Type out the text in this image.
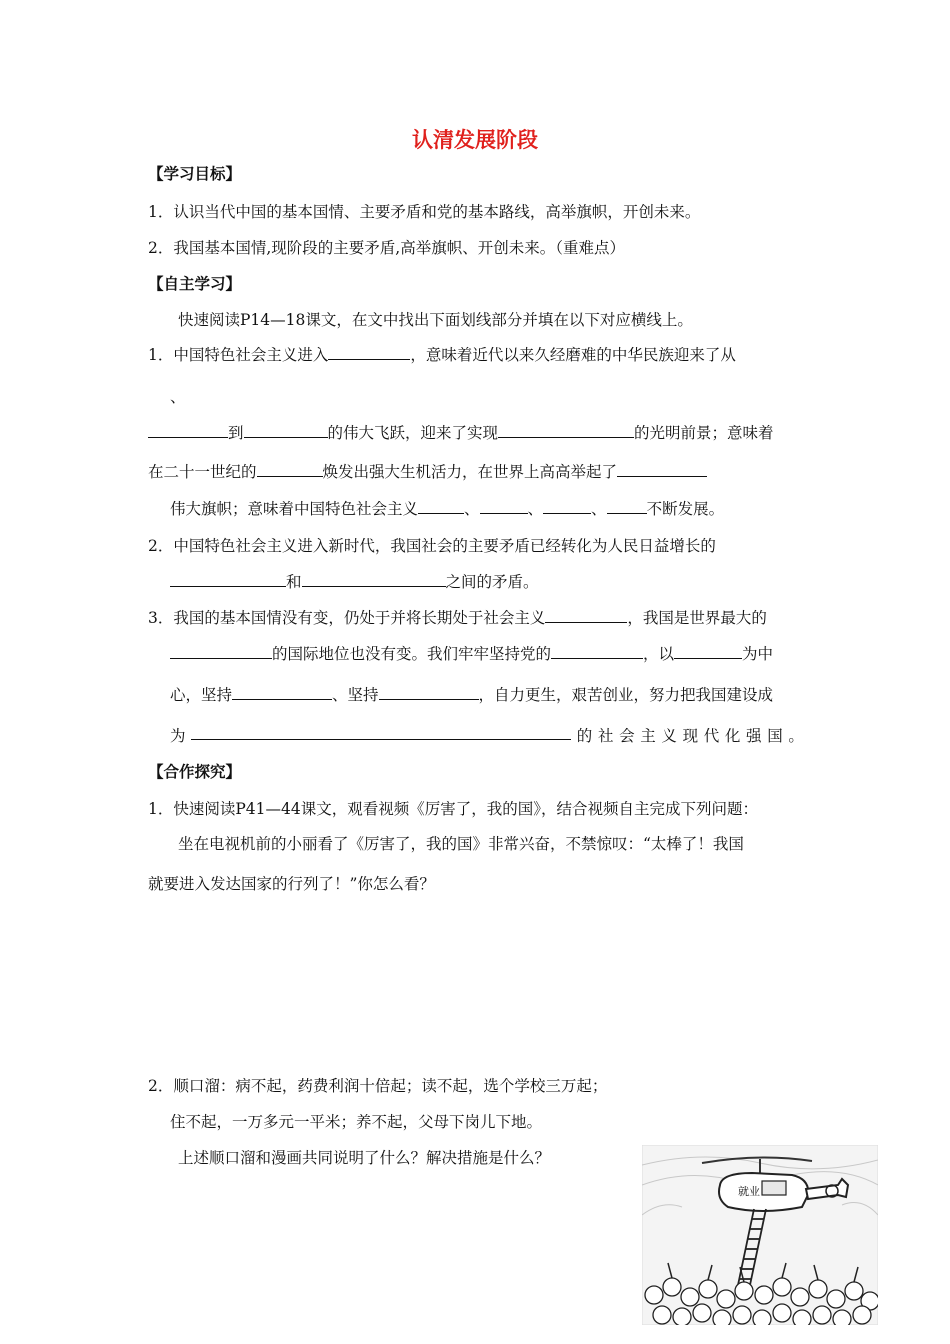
认清发展阶段
【学习目标】
1．认识当代中国的基本国情、主要矛盾和党的基本路线，高举旗帜，开创未来。
2．我国基本国情,现阶段的主要矛盾,高举旗帜、开创未来。（重难点）
【自主学习】
快速阅读P14—18课文，在文中找出下面划线部分并填在以下对应横线上。
1．中国特色社会主义进入	，意味着近代以来久经磨难的中华民族迎来了从
、
到	的伟大飞跃，迎来了实现	的光明前景；意味着
在二十一世纪的	焕发出强大生机活力，在世界上高高举起了
伟大旗帜；意味着中国特色社会主义	、	、	、	不断发展。
2．中国特色社会主义进入新时代，我国社会的主要矛盾已经转化为人民日益增长的
和	之间的矛盾。
3．我国的基本国情没有变，仍处于并将长期处于社会主义	，我国是世界最大的
的国际地位也没有变。我们牢牢坚持党的	，以	为中
心，坚持	、坚持	，自力更生，艰苦创业，努力把我国建设成
为	的 社 会 主 义 现 代 化 强 国 。
【合作探究】
1．快速阅读P41—44课文，观看视频《厉害了，我的国》，结合视频自主完成下列问题：
坐在电视机前的小丽看了《厉害了，我的国》非常兴奋，不禁惊叹：“太棒了！我国
就要进入发达国家的行列了！”你怎么看？
2．顺口溜：病不起，药费利润十倍起；读不起，选个学校三万起；
住不起，一万多元一平米；养不起，父母下岗儿下地。
上述顺口溜和漫画共同说明了什么？解决措施是什么？
就业
